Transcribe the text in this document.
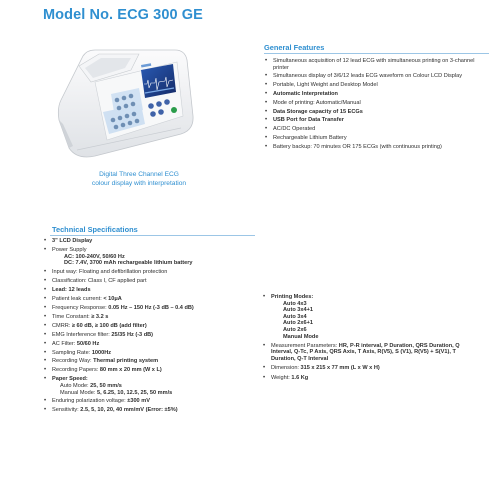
Model No. ECG 300 GE
Digital Three Channel ECG
colour display with interpretation
General Features
• Simultaneous acquisition of 12 lead ECG with simultaneous printing on 3-channel printer
• Simultaneous display of 3/6/12 leads ECG waveform on Colour LCD Display
• Portable, Light Weight and Desktop Model
• Automatic Interpretation
• Mode of printing: Automatic/Manual
• Data Storage capacity of 15 ECGs
• USB Port for Data Transfer
• AC/DC Operated
• Rechargeable Lithium Battery
• Battery backup: 70 minutes OR 175 ECGs (with continuous printing)
Technical Specifications
• 3" LCD Display
• Power Supply
AC: 100-240V, 50/60 Hz
DC: 7.4V, 3700 mAh rechargeable lithium battery
• Input way: Floating and defibrillation protection
• Classification: Class I, CF applied part
• Lead: 12 leads
• Patient leak current: < 10μA
• Frequency Response: 0.05 Hz – 150 Hz (-3 dB – 0.4 dB)
• Time Constant: ≥ 3.2 s
• CMRR: ≥ 60 dB, ≥ 100 dB (add filter)
• EMG Interference filter: 25/35 Hz (-3 dB)
• AC Filter: 50/60 Hz
• Sampling Rate: 1000Hz
• Recording Way: Thermal printing system
• Recording Papers: 80 mm x 20 mm (W x L)
• Paper Speed:
Auto Mode: 25, 50 mm/s
Manual Mode: 5, 6.25, 10, 12.5, 25, 50 mm/s
• Enduring polarization voltage: ±300 mV
• Sensitivity: 2.5, 5, 10, 20, 40 mm/mV (Error: ±5%)
• Printing Modes:
Auto 4x3
Auto 3x4+1
Auto 3x4
Auto 2x6+1
Auto 2x6
Manual Mode
• Measurement Parameters: HR, P-R interval, P Duration, QRS Duration, Q Interval, Q-Tc, P Axis, QRS Axis, T Axis, R(V5), S (V1), R(V5) + S(V1), T Duration, Q-T Interval
• Dimension: 315 x 215 x 77 mm (L x W x H)
• Weight: 1.6 Kg
